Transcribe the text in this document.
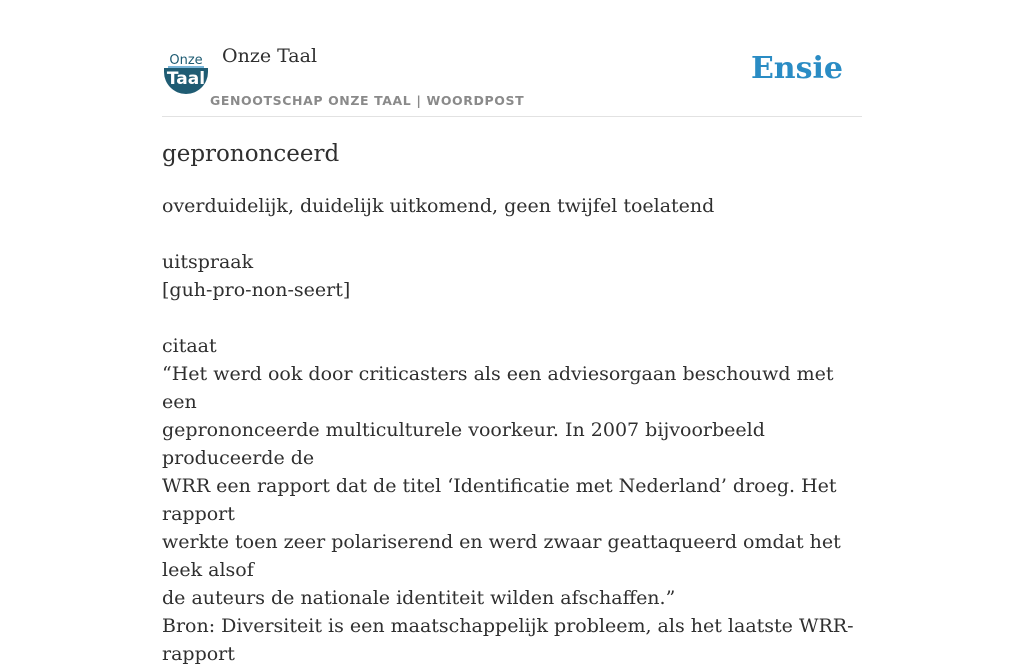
Onze
Taal
Onze Taal
GENOOTSCHAP ONZE TAAL | WOORDPOST
Ensie
geprononceerd

overduidelijk, duidelijk uitkomend, geen twijfel toelatend

uitspraak

[guh-pro-non-seert]

citaat
“Het werd ook door criticasters als een adviesorgaan beschouwd met een
geprononceerde multiculturele voorkeur. In 2007 bijvoorbeeld produceerde de
WRR een rapport dat de titel ‘Identificatie met Nederland’ droeg. Het rapport
werkte toen zeer polariserend en werd zwaar geattaqueerd omdat het leek alsof
de auteurs de nationale identiteit wilden afschaffen.”
Bron: Diversiteit is een maatschappelijk probleem, als het laatste WRR-rapport
